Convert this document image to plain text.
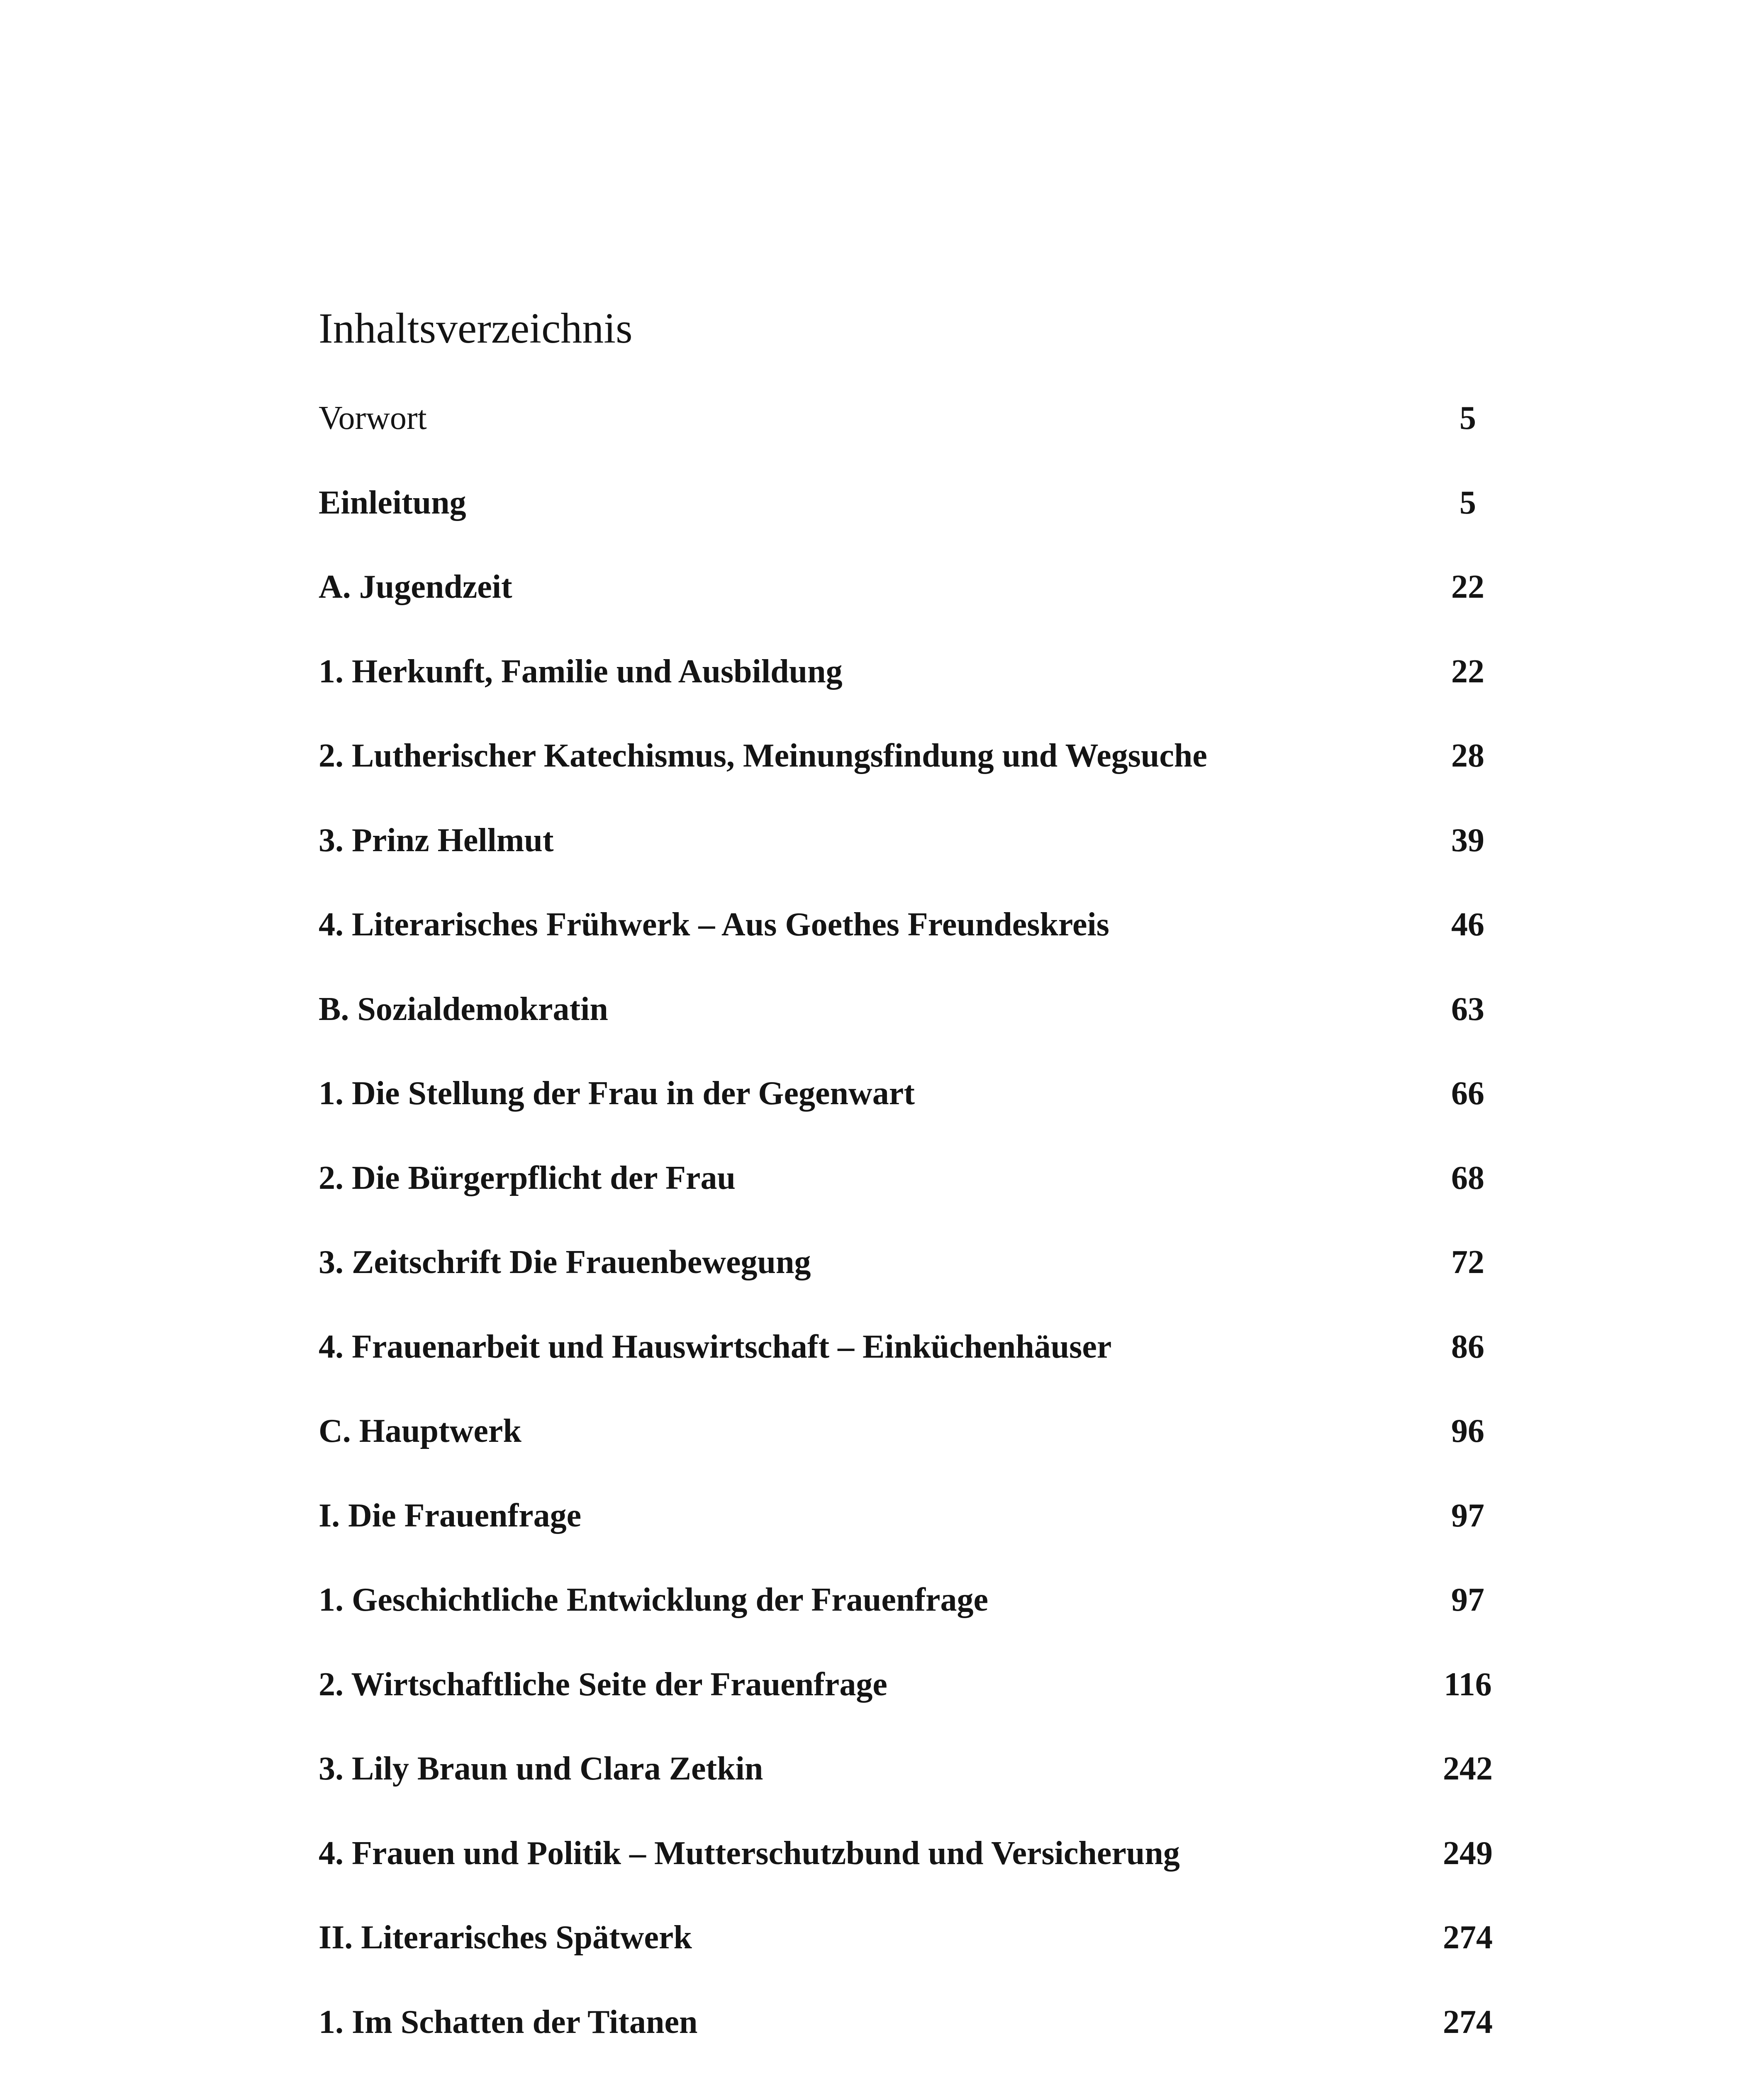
Inhaltsverzeichnis
Vorwort	5
Einleitung	5
A. Jugendzeit	22
1. Herkunft, Familie und Ausbildung	22
2. Lutherischer Katechismus, Meinungsfindung und Wegsuche	28
3. Prinz Hellmut	39
4. Literarisches Frühwerk – Aus Goethes Freundeskreis	46
B. Sozialdemokratin	63
1. Die Stellung der Frau in der Gegenwart	66
2. Die Bürgerpflicht der Frau	68
3. Zeitschrift Die Frauenbewegung	72
4. Frauenarbeit und Hauswirtschaft – Einküchenhäuser	86
C. Hauptwerk	96
I. Die Frauenfrage	97
1. Geschichtliche Entwicklung der Frauenfrage	97
2. Wirtschaftliche Seite der Frauenfrage	116
3. Lily Braun und Clara Zetkin	242
4. Frauen und Politik – Mutterschutzbund und Versicherung	249
II. Literarisches Spätwerk	274
1. Im Schatten der Titanen	274
